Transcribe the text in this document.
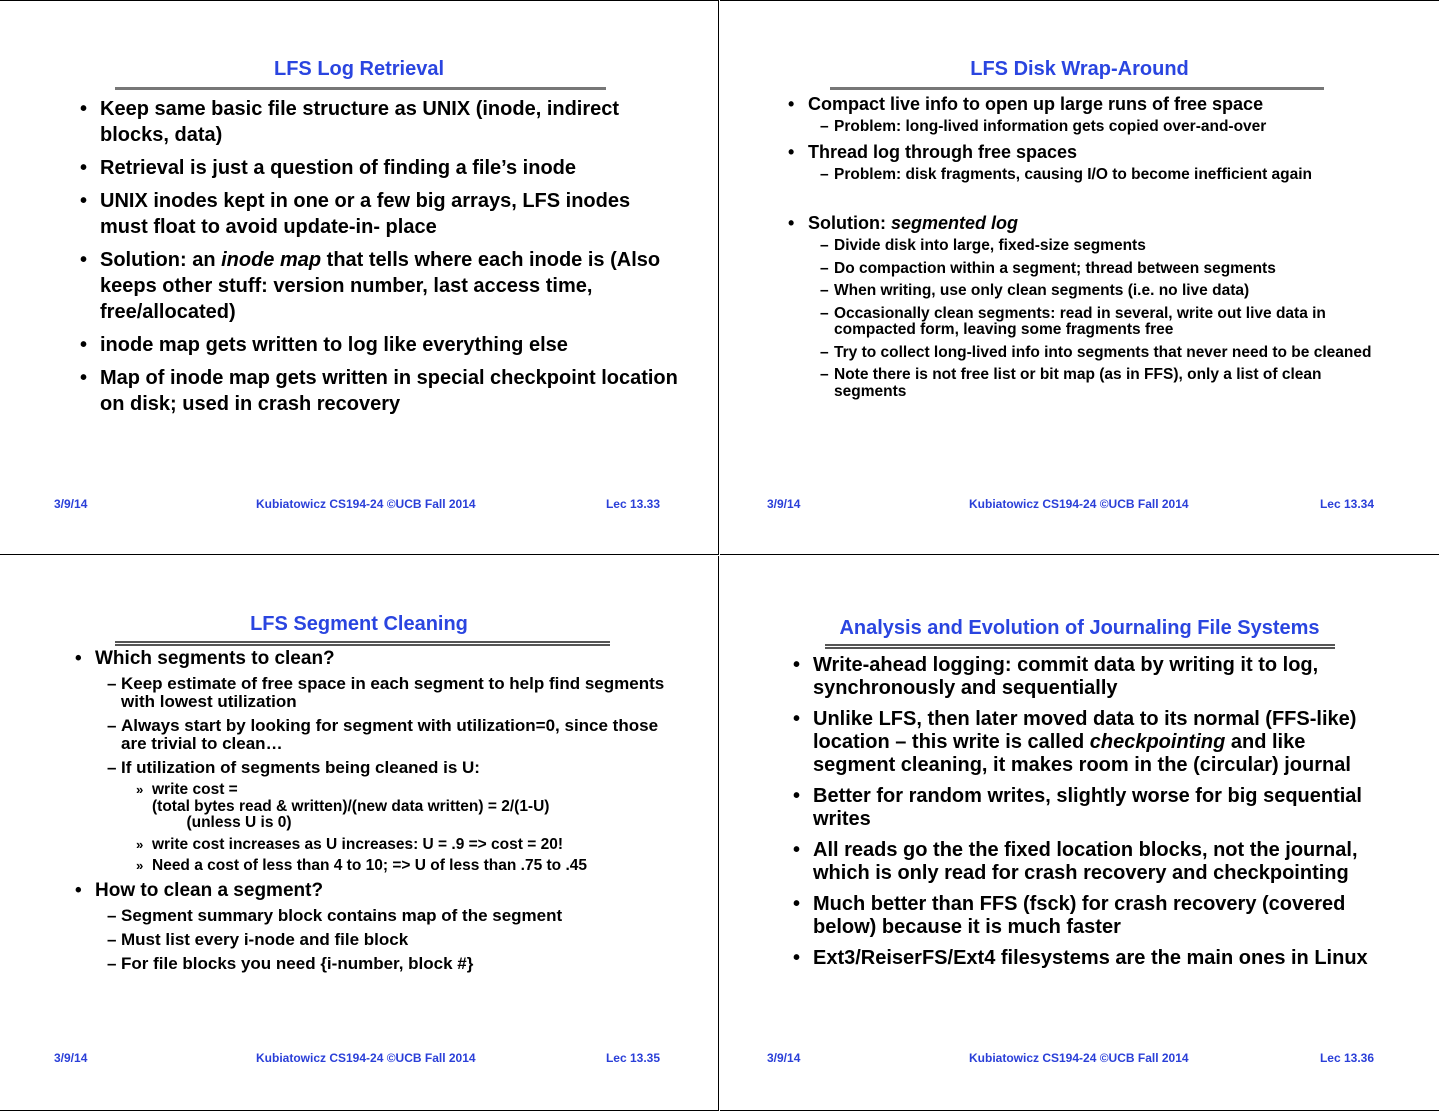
LFS Log Retrieval
• Keep same basic file structure as UNIX (inode, indirect blocks, data)
• Retrieval is just a question of finding a file’s inode
• UNIX inodes kept in one or a few big arrays, LFS inodes must float to avoid update-in- place
• Solution: an inode map that tells where each inode is (Also keeps other stuff: version number, last access time, free/allocated)
• inode map gets written to log like everything else
• Map of inode map gets written in special checkpoint location on disk; used in crash recovery
3/9/14	Kubiatowicz CS194-24 ©UCB Fall 2014	Lec 13.33
LFS Disk Wrap-Around
• Compact live info to open up large runs of free space
– Problem: long-lived information gets copied over-and-over
• Thread log through free spaces
– Problem: disk fragments, causing I/O to become inefficient again
• Solution: segmented log
– Divide disk into large, fixed-size segments
– Do compaction within a segment; thread between segments
– When writing, use only clean segments (i.e. no live data)
– Occasionally clean segments: read in several, write out live data in compacted form, leaving some fragments free
– Try to collect long-lived info into segments that never need to be cleaned
– Note there is not free list or bit map (as in FFS), only a list of clean segments
3/9/14	Kubiatowicz CS194-24 ©UCB Fall 2014	Lec 13.34
LFS Segment Cleaning
• Which segments to clean?
– Keep estimate of free space in each segment to help find segments with lowest utilization
– Always start by looking for segment with utilization=0, since those are trivial to clean…
– If utilization of segments being cleaned is U:
» write cost =
(total bytes read & written)/(new data written) = 2/(1-U)
(unless U is 0)
» write cost increases as U increases: U = .9 => cost = 20!
» Need a cost of less than 4 to 10; => U of less than .75 to .45
• How to clean a segment?
– Segment summary block contains map of the segment
– Must list every i-node and file block
– For file blocks you need {i-number, block #}
3/9/14	Kubiatowicz CS194-24 ©UCB Fall 2014	Lec 13.35
Analysis and Evolution of Journaling File Systems
• Write-ahead logging: commit data by writing it to log, synchronously and sequentially
• Unlike LFS, then later moved data to its normal (FFS-like) location – this write is called checkpointing and like segment cleaning, it makes room in the (circular) journal
• Better for random writes, slightly worse for big sequential writes
• All reads go the the fixed location blocks, not the journal, which is only read for crash recovery and checkpointing
• Much better than FFS (fsck) for crash recovery (covered below) because it is much faster
• Ext3/ReiserFS/Ext4 filesystems are the main ones in Linux
3/9/14	Kubiatowicz CS194-24 ©UCB Fall 2014	Lec 13.36
